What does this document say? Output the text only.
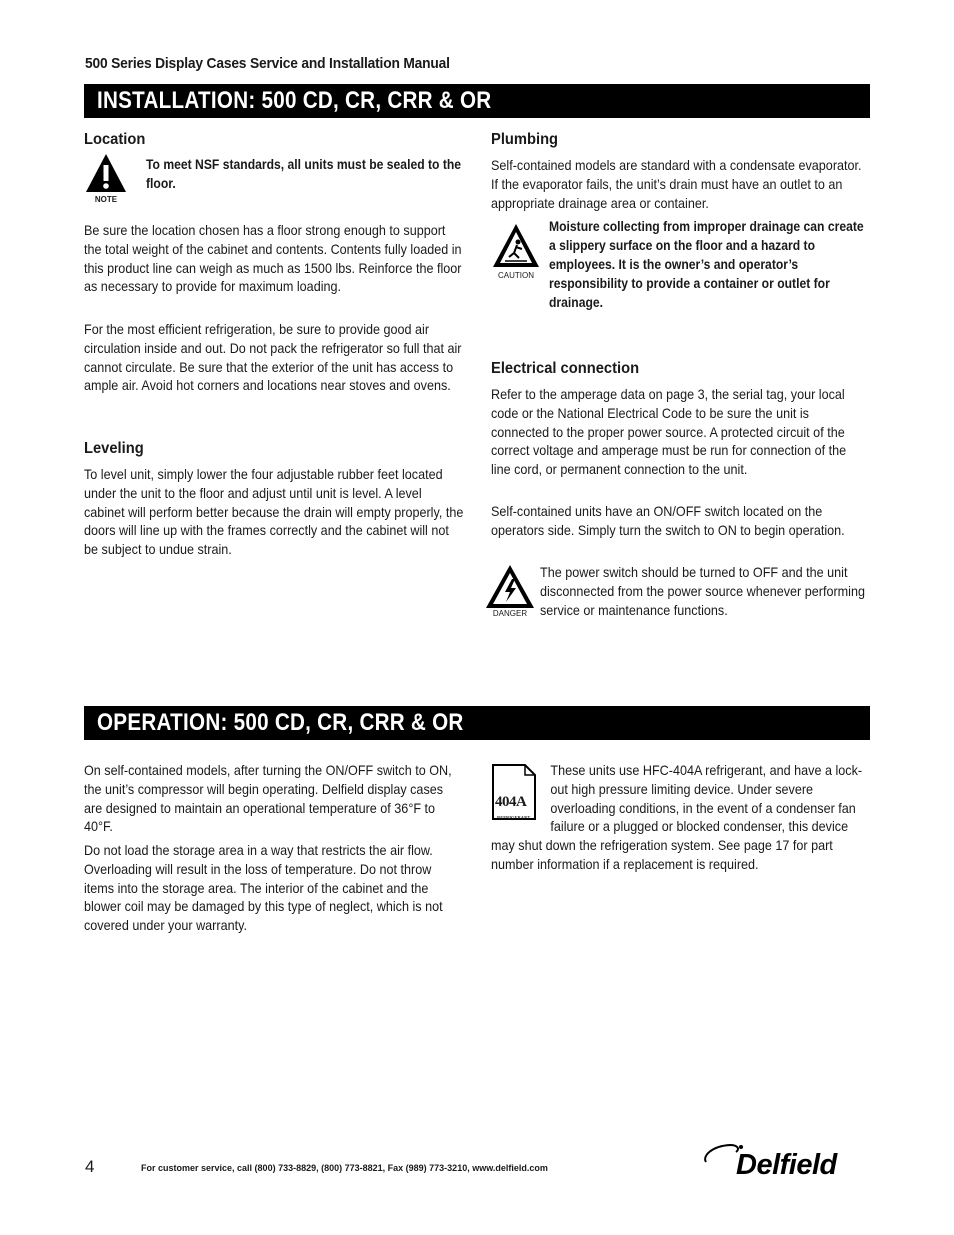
500 Series Display Cases Service and Installation Manual
INSTALLATION: 500 CD, CR, CRR & OR
Location
NOTE
To meet NSF standards, all units must be sealed to the floor.
Be sure the location chosen has a floor strong enough to support the total weight of the cabinet and contents. Contents fully loaded in this product line can weigh as much as 1500 lbs. Reinforce the floor as necessary to provide for maximum loading.
For the most efficient refrigeration, be sure to provide good air circulation inside and out. Do not pack the refrigerator so full that air cannot circulate. Be sure that the exterior of the unit has access to ample air. Avoid hot corners and locations near stoves and ovens.
Leveling
To level unit, simply lower the four adjustable rubber feet located under the unit to the floor and adjust until unit is level. A level cabinet will perform better because the drain will empty properly, the doors will line up with the frames correctly and the cabinet will not be subject to undue strain.
Plumbing
Self-contained models are standard with a condensate evaporator. If the evaporator fails, the unit’s drain must have an outlet to an appropriate drainage area or container.
CAUTION
Moisture collecting from improper drainage can create a slippery surface on the floor and a hazard to employees. It is the owner’s and operator’s responsibility to provide a container or outlet for drainage.
Electrical connection
Refer to the amperage data on page 3, the serial tag, your local code or the National Electrical Code to be sure the unit is connected to the proper power source. A protected circuit of the correct voltage and amperage must be run for connection of the line cord, or permanent connection to the unit.
Self-contained units have an ON/OFF switch located on the operators side. Simply turn the switch to ON to begin operation.
DANGER
The power switch should be turned to OFF and the unit disconnected from the power source whenever performing service or maintenance functions.
OPERATION: 500 CD, CR, CRR & OR
On self-contained models, after turning the ON/OFF switch to ON, the unit’s compressor will begin operating. Delfield display cases are designed to maintain an operational temperature of 36°F to 40°F.
Do not load the storage area in a way that restricts the air flow. Overloading will result in the loss of temperature. Do not throw items into the storage area. The interior of the cabinet and the blower coil may be damaged by this type of neglect, which is not covered under your warranty.
404A
REFRIGERANT
These units use HFC-404A refrigerant, and have a lock-out high pressure limiting device. Under severe overloading conditions, in the event of a condenser fan failure or a plugged or blocked condenser, this device may shut down the refrigeration system. See page 17 for part number information if a replacement is required.
4	For customer service, call (800) 733-8829, (800) 773-8821, Fax (989) 773-3210, www.delfield.com	Delfield
